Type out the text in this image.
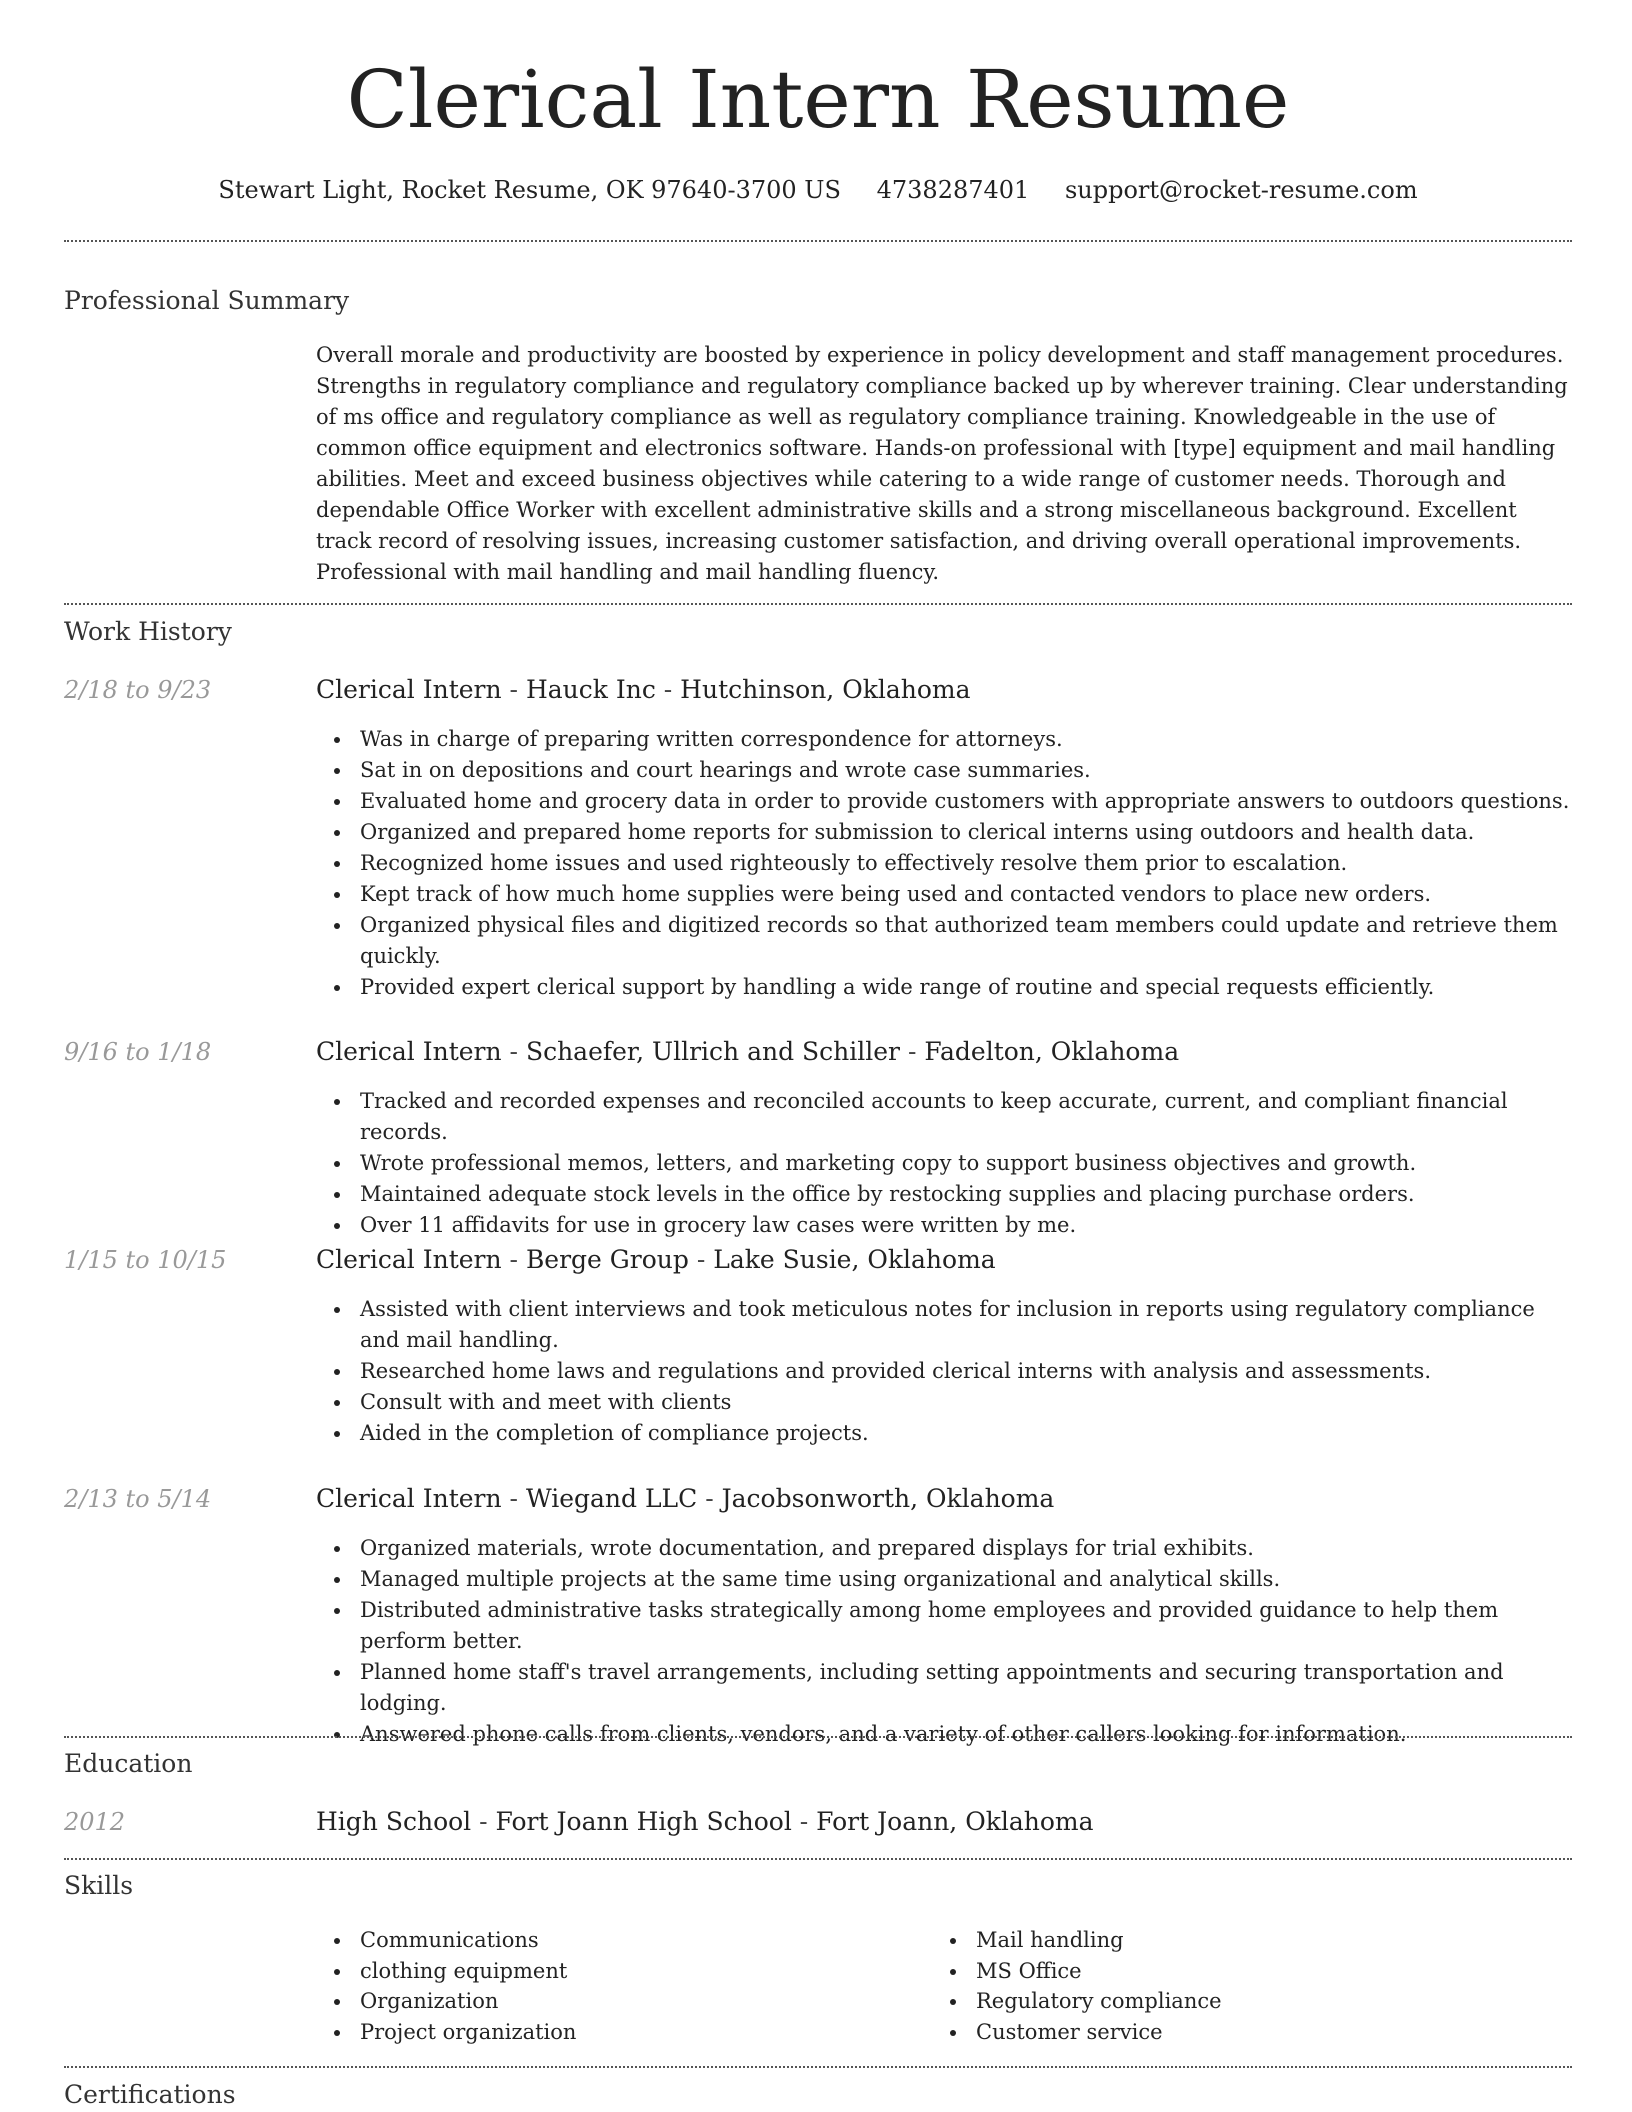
Clerical Intern Resume
Stewart Light, Rocket Resume, OK 97640-3700 US 4738287401 support@rocket-resume.com
Professional Summary

Overall morale and productivity are boosted by experience in policy development and staff management procedures. Strengths in regulatory compliance and regulatory compliance backed up by wherever training. Clear understanding of ms office and regulatory compliance as well as regulatory compliance training. Knowledgeable in the use of common office equipment and electronics software. Hands-on professional with [type] equipment and mail handling abilities. Meet and exceed business objectives while catering to a wide range of customer needs. Thorough and dependable Office Worker with excellent administrative skills and a strong miscellaneous background. Excellent track record of resolving issues, increasing customer satisfaction, and driving overall operational improvements. Professional with mail handling and mail handling fluency.

Work History
2/18 to 9/23	Clerical Intern - Hauck Inc - Hutchinson, Oklahoma
Was in charge of preparing written correspondence for attorneys.
Sat in on depositions and court hearings and wrote case summaries.
Evaluated home and grocery data in order to provide customers with appropriate answers to outdoors questions.
Organized and prepared home reports for submission to clerical interns using outdoors and health data.
Recognized home issues and used righteously to effectively resolve them prior to escalation.
Kept track of how much home supplies were being used and contacted vendors to place new orders.
Organized physical files and digitized records so that authorized team members could update and retrieve them quickly.
Provided expert clerical support by handling a wide range of routine and special requests efficiently.
9/16 to 1/18	Clerical Intern - Schaefer, Ullrich and Schiller - Fadelton, Oklahoma
Tracked and recorded expenses and reconciled accounts to keep accurate, current, and compliant financial records.
Wrote professional memos, letters, and marketing copy to support business objectives and growth.
Maintained adequate stock levels in the office by restocking supplies and placing purchase orders.
Over 11 affidavits for use in grocery law cases were written by me.
1/15 to 10/15	Clerical Intern - Berge Group - Lake Susie, Oklahoma
Assisted with client interviews and took meticulous notes for inclusion in reports using regulatory compliance and mail handling.
Researched home laws and regulations and provided clerical interns with analysis and assessments.
Consult with and meet with clients
Aided in the completion of compliance projects.
2/13 to 5/14	Clerical Intern - Wiegand LLC - Jacobsonworth, Oklahoma
Organized materials, wrote documentation, and prepared displays for trial exhibits.
Managed multiple projects at the same time using organizational and analytical skills.
Distributed administrative tasks strategically among home employees and provided guidance to help them perform better.
Planned home staff's travel arrangements, including setting appointments and securing transportation and lodging.
Answered phone calls from clients, vendors, and a variety of other callers looking for information.
Education
2012	High School - Fort Joann High School - Fort Joann, Oklahoma
Skills
Communications
clothing equipment
Organization
Project organization
Mail handling
MS Office
Regulatory compliance
Customer service
Certifications
